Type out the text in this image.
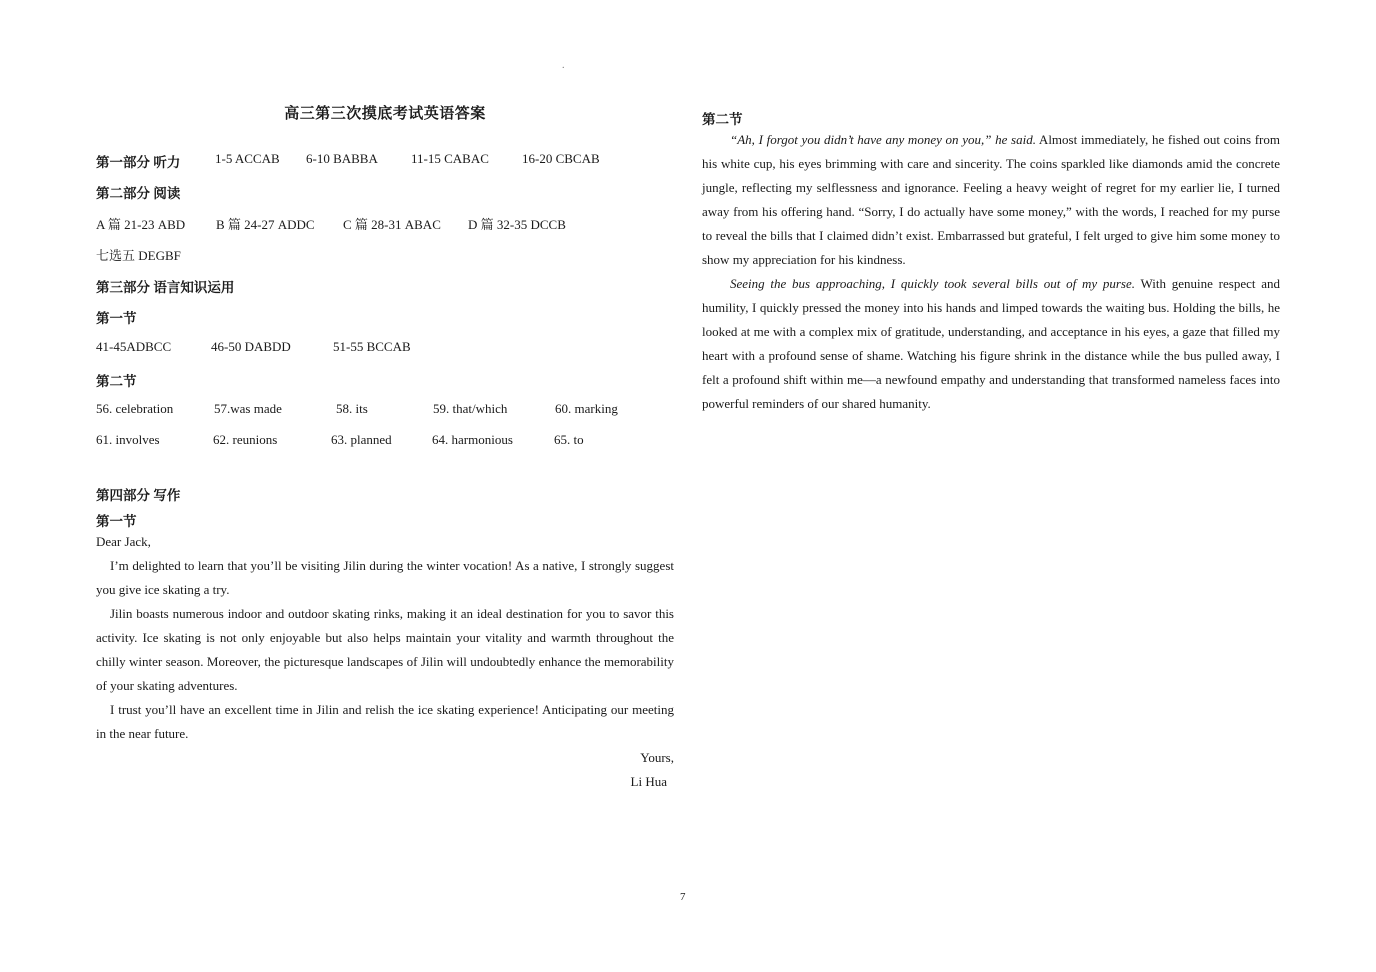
.
高三第三次摸底考试英语答案
第一部分 听力	1-5 ACCAB 6-10 BABBA	11-15 CABAC	16-20 CBCAB
第二部分 阅读
A 篇 21-23 ABD B 篇 24-27 ADDC C 篇 28-31 ABAC D 篇 32-35 DCCB
七选五 DEGBF
第三部分 语言知识运用
第一节
41-45ADBCC	46-50 DABDD	51-55 BCCAB
第二节
56. celebration	57.was made	58. its	59. that/which	60. marking
61. involves	62. reunions	63. planned	64. harmonious	65. to
第四部分 写作
第一节
Dear Jack,
I’m delighted to learn that you’ll be visiting Jilin during the winter vocation! As a native, I strongly suggest you give ice skating a try.
Jilin boasts numerous indoor and outdoor skating rinks, making it an ideal destination for you to savor this activity. Ice skating is not only enjoyable but also helps maintain your vitality and warmth throughout the chilly winter season. Moreover, the picturesque landscapes of Jilin will undoubtedly enhance the memorability of your skating adventures.
I trust you’ll have an excellent time in Jilin and relish the ice skating experience! Anticipating our meeting in the near future.
Yours,
Li Hua
第二节
“Ah, I forgot you didn’t have any money on you,” he said. Almost immediately, he fished out coins from his white cup, his eyes brimming with care and sincerity. The coins sparkled like diamonds amid the concrete jungle, reflecting my selflessness and ignorance. Feeling a heavy weight of regret for my earlier lie, I turned away from his offering hand. “Sorry, I do actually have some money,” with the words, I reached for my purse to reveal the bills that I claimed didn’t exist. Embarrassed but grateful, I felt urged to give him some money to show my appreciation for his kindness.
Seeing the bus approaching, I quickly took several bills out of my purse. With genuine respect and humility, I quickly pressed the money into his hands and limped towards the waiting bus. Holding the bills, he looked at me with a complex mix of gratitude, understanding, and acceptance in his eyes, a gaze that filled my heart with a profound sense of shame. Watching his figure shrink in the distance while the bus pulled away, I felt a profound shift within me—a newfound empathy and understanding that transformed nameless faces into powerful reminders of our shared humanity.
7
